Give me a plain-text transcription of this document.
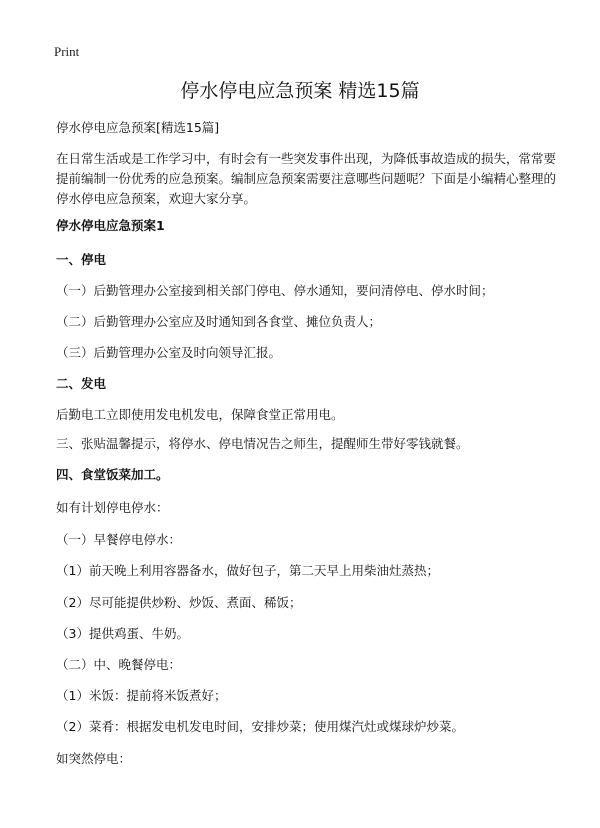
Print
停水停电应急预案 精选15篇
停水停电应急预案[精选15篇]
在日常生活或是工作学习中，有时会有一些突发事件出现，为降低事故造成的损失，常常要提前编制一份优秀的应急预案。编制应急预案需要注意哪些问题呢？下面是小编精心整理的停水停电应急预案，欢迎大家分享。
停水停电应急预案1
一、停电
（一）后勤管理办公室接到相关部门停电、停水通知，要问清停电、停水时间；
（二）后勤管理办公室应及时通知到各食堂、摊位负责人；
（三）后勤管理办公室及时向领导汇报。
二、发电
后勤电工立即使用发电机发电，保障食堂正常用电。
三、张贴温馨提示，将停水、停电情况告之师生，提醒师生带好零钱就餐。
四、食堂饭菜加工。
如有计划停电停水：
（一）早餐停电停水：
（1）前天晚上利用容器备水，做好包子，第二天早上用柴油灶蒸热；
（2）尽可能提供炒粉、炒饭、煮面、稀饭；
（3）提供鸡蛋、牛奶。
（二）中、晚餐停电：
（1）米饭：提前将米饭煮好；
（2）菜肴：根据发电机发电时间，安排炒菜；使用煤汽灶或煤球炉炒菜。
如突然停电：
